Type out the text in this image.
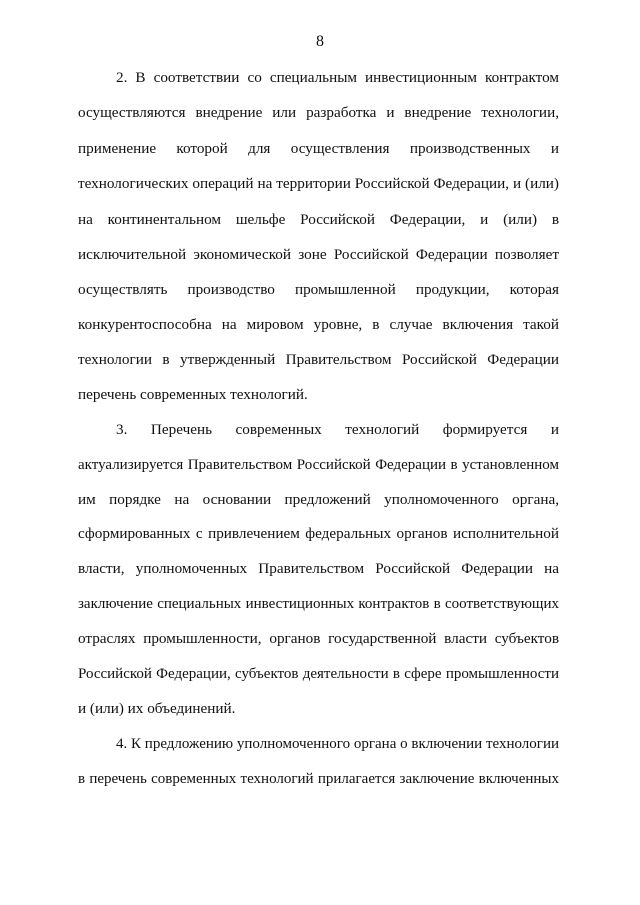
8
2. В соответствии со специальным инвестиционным контрактом
осуществляются внедрение или разработка и внедрение технологии,
применение которой для осуществления производственных и
технологических операций на территории Российской Федерации, и (или)
на континентальном шельфе Российской Федерации, и (или) в
исключительной экономической зоне Российской Федерации позволяет
осуществлять производство промышленной продукции, которая
конкурентоспособна на мировом уровне, в случае включения такой
технологии в утвержденный Правительством Российской Федерации
перечень современных технологий.
3. Перечень современных технологий формируется и
актуализируется Правительством Российской Федерации в установленном
им порядке на основании предложений уполномоченного органа,
сформированных с привлечением федеральных органов исполнительной
власти, уполномоченных Правительством Российской Федерации на
заключение специальных инвестиционных контрактов в соответствующих
отраслях промышленности, органов государственной власти субъектов
Российской Федерации, субъектов деятельности в сфере промышленности
и (или) их объединений.
4. К предложению уполномоченного органа о включении технологии
в перечень современных технологий прилагается заключение включенных
